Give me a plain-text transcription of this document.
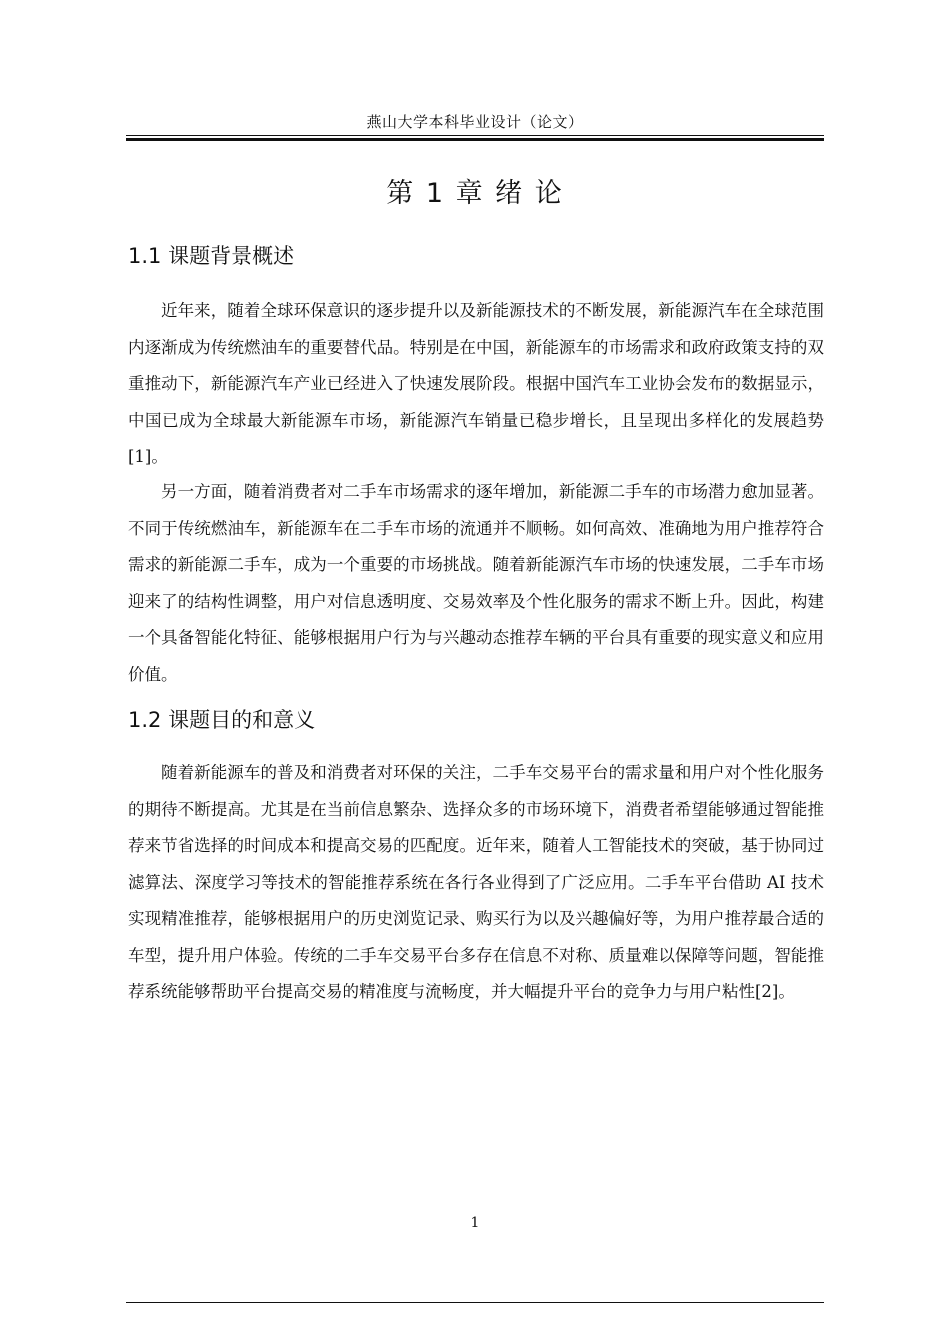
燕山大学本科毕业设计（论文）
第 1 章 绪 论
1.1 课题背景概述

近年来，随着全球环保意识的逐步提升以及新能源技术的不断发展，新能源汽车在全球范围内逐渐成为传统燃油车的重要替代品。特别是在中国，新能源车的市场需求和政府政策支持的双重推动下，新能源汽车产业已经进入了快速发展阶段。根据中国汽车工业协会发布的数据显示，中国已成为全球最大新能源车市场，新能源汽车销量已稳步增长，且呈现出多样化的发展趋势[1]。

另一方面，随着消费者对二手车市场需求的逐年增加，新能源二手车的市场潜力愈加显著。不同于传统燃油车，新能源车在二手车市场的流通并不顺畅。如何高效、准确地为用户推荐符合需求的新能源二手车，成为一个重要的市场挑战。随着新能源汽车市场的快速发展，二手车市场迎来了的结构性调整，用户对信息透明度、交易效率及个性化服务的需求不断上升。因此，构建一个具备智能化特征、能够根据用户行为与兴趣动态推荐车辆的平台具有重要的现实意义和应用价值。

1.2 课题目的和意义

随着新能源车的普及和消费者对环保的关注，二手车交易平台的需求量和用户对个性化服务的期待不断提高。尤其是在当前信息繁杂、选择众多的市场环境下，消费者希望能够通过智能推荐来节省选择的时间成本和提高交易的匹配度。近年来，随着人工智能技术的突破，基于协同过滤算法、深度学习等技术的智能推荐系统在各行各业得到了广泛应用。二手车平台借助 AI 技术实现精准推荐，能够根据用户的历史浏览记录、购买行为以及兴趣偏好等，为用户推荐最合适的车型，提升用户体验。传统的二手车交易平台多存在信息不对称、质量难以保障等问题，智能推荐系统能够帮助平台提高交易的精准度与流畅度，并大幅提升平台的竞争力与用户粘性[2]。

1
